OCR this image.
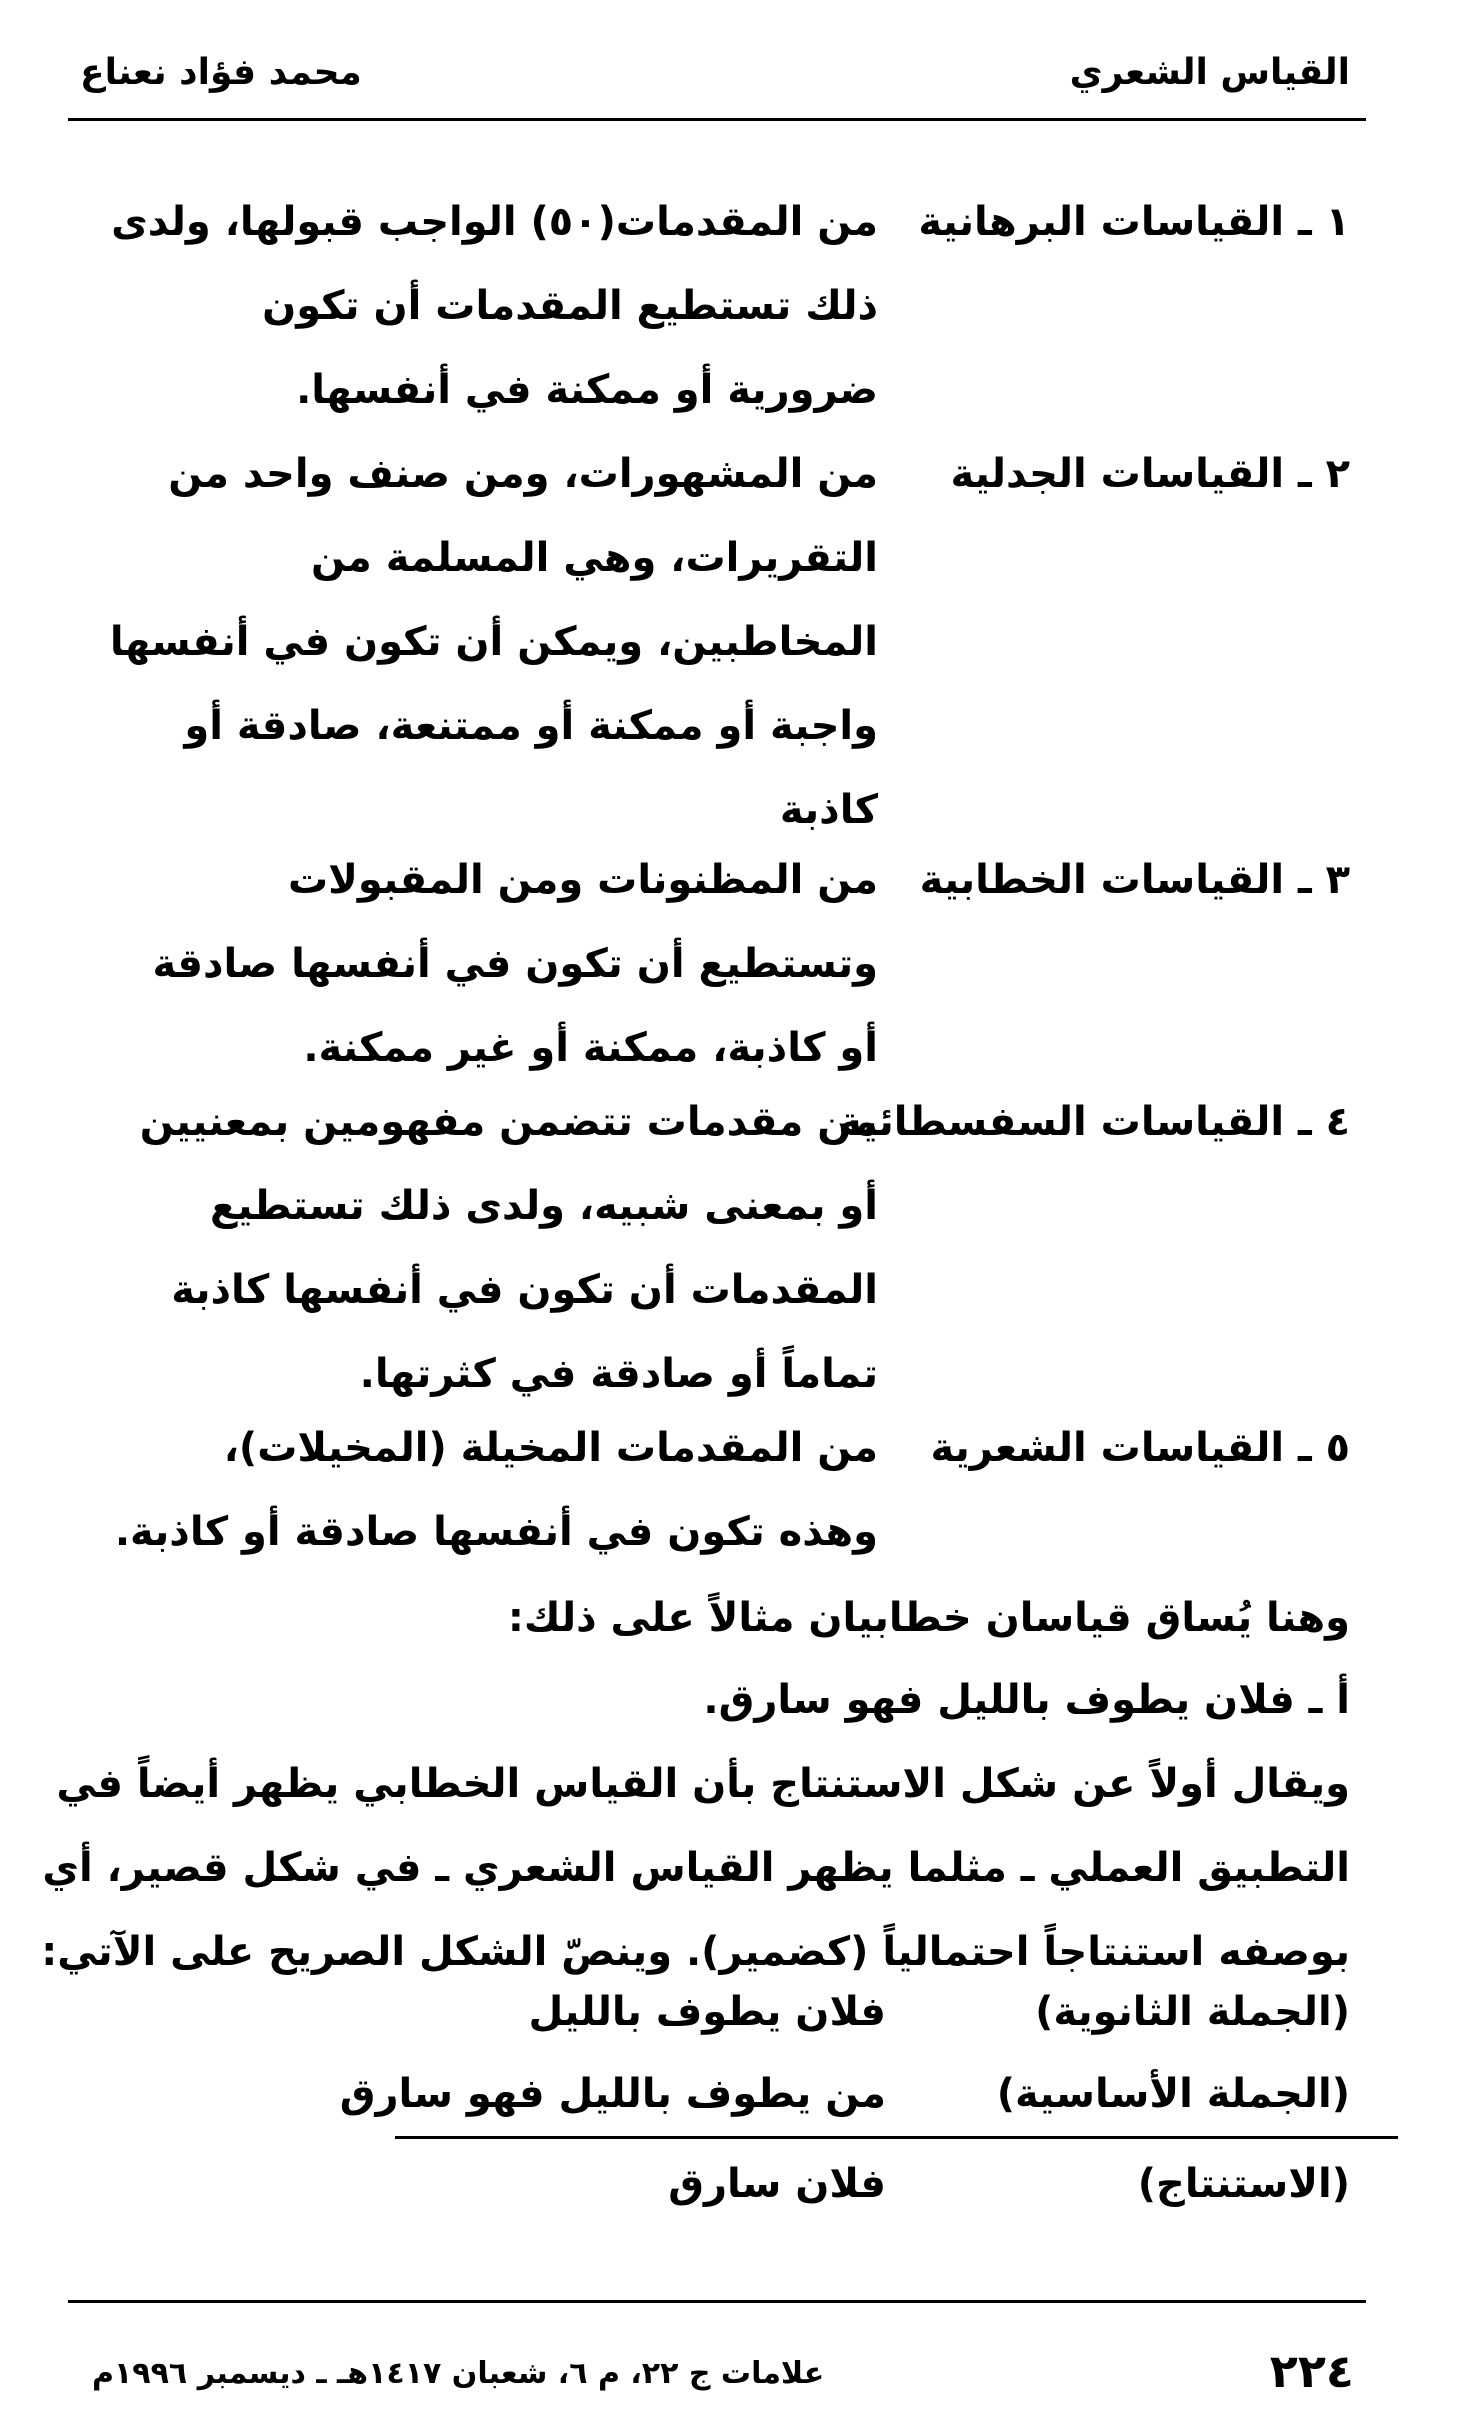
القياس الشعري
محمد فؤاد نعناع
١ ـ القياسات البرهانية
من المقدمات(٥٠) الواجب قبولها، ولدى
ذلك تستطيع المقدمات أن تكون
ضرورية أو ممكنة في أنفسها.
٢ ـ القياسات الجدلية
من المشهورات، ومن صنف واحد من
التقريرات، وهي المسلمة من
المخاطبين، ويمكن أن تكون في أنفسها
واجبة أو ممكنة أو ممتنعة، صادقة أو
كاذبة
٣ ـ القياسات الخطابية
من المظنونات ومن المقبولات
وتستطيع أن تكون في أنفسها صادقة
أو كاذبة، ممكنة أو غير ممكنة.
٤ ـ القياسات السفسطائية
من مقدمات تتضمن مفهومين بمعنيين
أو بمعنى شبيه، ولدى ذلك تستطيع
المقدمات أن تكون في أنفسها كاذبة
تماماً أو صادقة في كثرتها.
٥ ـ القياسات الشعرية
من المقدمات المخيلة (المخيلات)،
وهذه تكون في أنفسها صادقة أو كاذبة.
وهنا يُساق قياسان خطابيان مثالاً على ذلك:
أ ـ فلان يطوف بالليل فهو سارق.
ويقال أولاً عن شكل الاستنتاج بأن القياس الخطابي يظهر أيضاً في
التطبيق العملي ـ مثلما يظهر القياس الشعري ـ في شكل قصير، أي
بوصفه استنتاجاً احتمالياً (كضمير). وينصّ الشكل الصريح على الآتي:
(الجملة الثانوية)
فلان يطوف بالليل
(الجملة الأساسية)
من يطوف بالليل فهو سارق
(الاستنتاج)
فلان سارق
٢٢٤
علامات ج ٢٢، م ٦، شعبان ١٤١٧هـ ـ ديسمبر ١٩٩٦م
